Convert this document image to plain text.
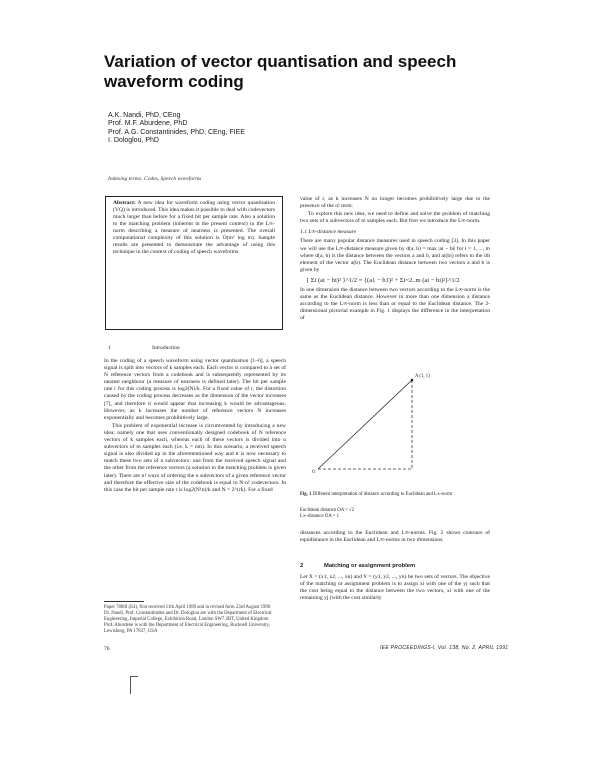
Variation of vector quantisation and speech waveform coding
A.K. Nandi, PhD, CEng
Prof. M.F. Aburdene, PhD
Prof. A.G. Constantinides, PhD, CEng, FIEE
I. Dologlou, PhD
Indexing terms: Codes, Speech waveforms
Abstract: A new idea for waveform coding using vector quantisation (VQ) is introduced. This idea makes it possible to deal with codevectors much larger than before for a fixed bit per sample rate. Also a solution to the matching problem (inherent in the present context) in the L∞-norm describing a measure of nearness is presented. The overall computational complexity of this solution is O(m² log m). Sample results are presented to demonstrate the advantage of using this technique in the context of coding of speech waveforms.
1	Introduction

In the coding of a speech waveform using vector quantisation [1–6], a speech signal is split into vectors of k samples each. Each vector is compared to a set of N reference vectors from a codebook and is subsequently represented by its nearest neighbour (a measure of nearness is defined later). The bit per sample rate r for this coding process is log2(N)/k. For a fixed value of r, the distortion caused by the coding process decreases as the dimension of the vector increases [7], and therefore it would appear that increasing k would be advantageous. However, as k increases the number of reference vectors N increases exponentially and becomes prohibitively large.

This problem of exponential increase is circumvented by introducing a new idea; namely one that uses conventionally designed codebook of N reference vectors of k samples each, whereas each of these vectors is divided into n subvectors of m samples each (i.e. k = nm). In this scenario, a received speech signal is also divided up in the aforementioned way and it is now necessary to match these two sets of n subvectors: one from the received speech signal and the other from the reference vectors (a solution to the matching problem is given later). There are n! ways of ordering the n subvectors of a given reference vector and therefore the effective size of the codebook is equal to N·n! codevectors. In this case the bit per sample rate r is log2(N!n)/k and N = 2^(rk). For a fixed

Paper 7808I (E4), first received 11th April 1989 and in revised form 23rd August 1990
Dr. Nandi, Prof. Constantinides and Dr. Dologlou are with the Department of Electrical Engineering, Imperial College, Exhibition Road, London SW7 2BT, United Kingdom
Prof. Aburdene is with the Department of Electrical Engineering, Bucknell University, Lewisburg, PA 17837, USA

value of r, as k increases N no longer becomes prohibitively large due to the presence of the n! term.

To explore this new idea, we need to define and solve the problem of matching two sets of n subvectors of m samples each. But first we introduce the L∞-norm.

1.1 L∞-distance measure

There are many popular distance measures used in speech coding [3]. In this paper we will use the L∞-distance measure given by d(a, b) = max |ai − bi| for i = 1, ..., m where d(a, b) is the distance between the vectors a and b, and ai(bi) refers to the ith element of the vector a(b). The Euclidean distance between two vectors a and b is given by

{ Σi (ai − bi)² }^1/2 = {(a1 − b1)² + Σi=2..m (ai − bi)²}^1/2

In one dimension the distance between two vectors according to the L∞-norm is the same as the Euclidean distance. However in more than one dimension a distance according to the L∞-norm is less than or equal to the Euclidean distance. The 2-dimensional pictorial example in Fig. 1 displays the difference in the interpretation of

A (1, 1)
O
Fig. 1 Different interpretation of distance according to Euclidean and L∞-norm
Euclidean distance OA = √2
L∞-distance OA = 1

distances according to the Euclidean and L∞-norms. Fig. 2 shows contours of equidistance in the Euclidean and L∞-norms in two dimensions.

2	Matching or assignment problem

Let X = (x1, x2, ..., xn) and Y = (y1, y2, ..., yn) be two sets of vectors. The objective of the matching or assignment problem is to assign xi with one of the yj such that the cost being equal to the distance between the two vectors, xi with one of the remaining yj (with the cost similarly

IEE PROCEEDINGS-I, Vol. 138, No. 2, APRIL 1991
76
